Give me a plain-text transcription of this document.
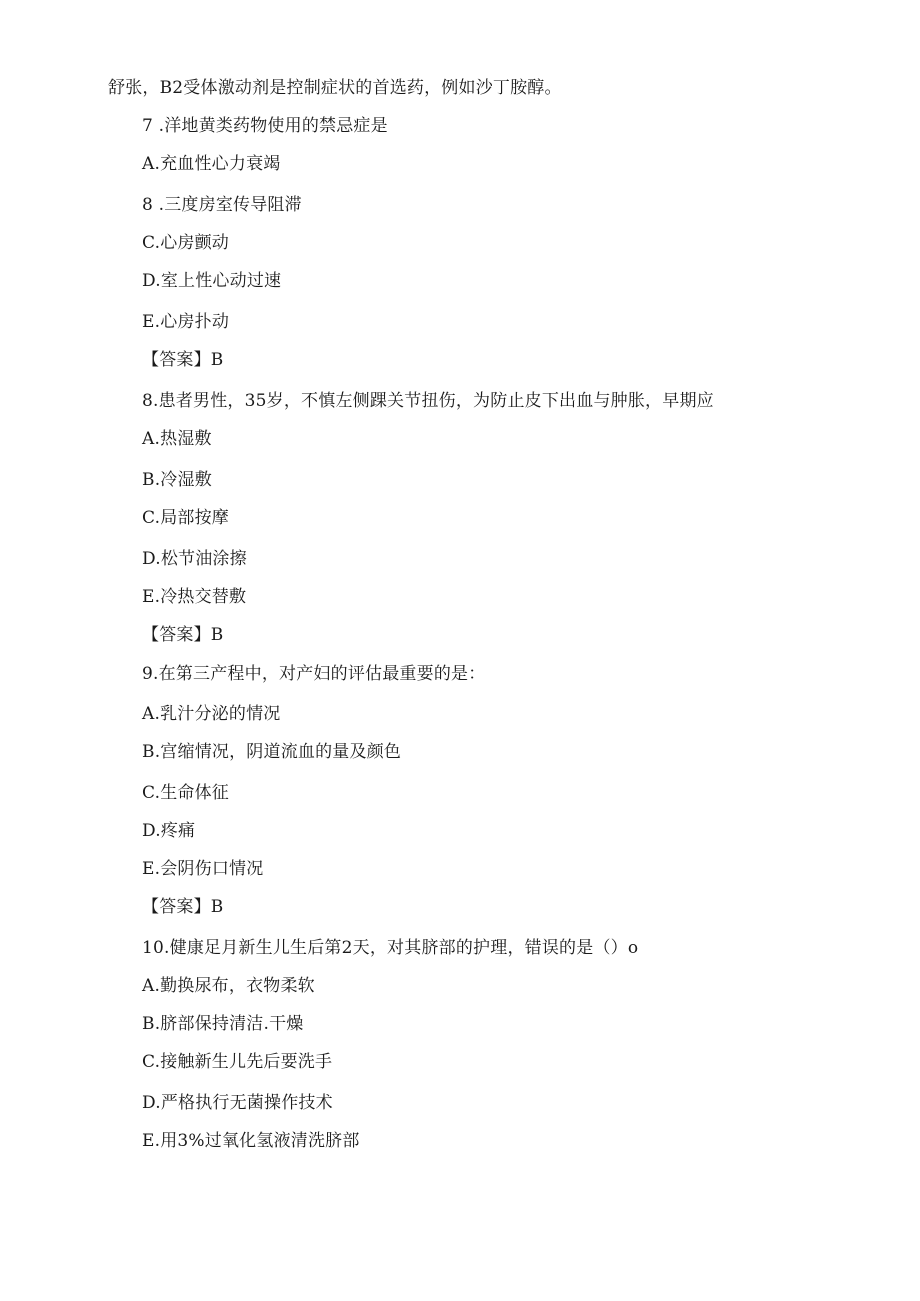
舒张，B2受体激动剂是控制症状的首选药，例如沙丁胺醇。
7 .洋地黄类药物使用的禁忌症是
A.充血性心力衰竭
8 .三度房室传导阻滞
C.心房颤动
D.室上性心动过速
E.心房扑动
【答案】B
8.患者男性，35岁，不慎左侧踝关节扭伤，为防止皮下出血与肿胀，早期应
A.热湿敷
B.冷湿敷
C.局部按摩
D.松节油涂擦
E.冷热交替敷
【答案】B
9.在第三产程中，对产妇的评估最重要的是：
A.乳汁分泌的情况
B.宫缩情况，阴道流血的量及颜色
C.生命体征
D.疼痛
E.会阴伤口情况
【答案】B
10.健康足月新生儿生后第2天，对其脐部的护理，错误的是（）o
A.勤换尿布，衣物柔软
B.脐部保持清洁.干燥
C.接触新生儿先后要洗手
D.严格执行无菌操作技术
E.用3%过氧化氢液清洗脐部
